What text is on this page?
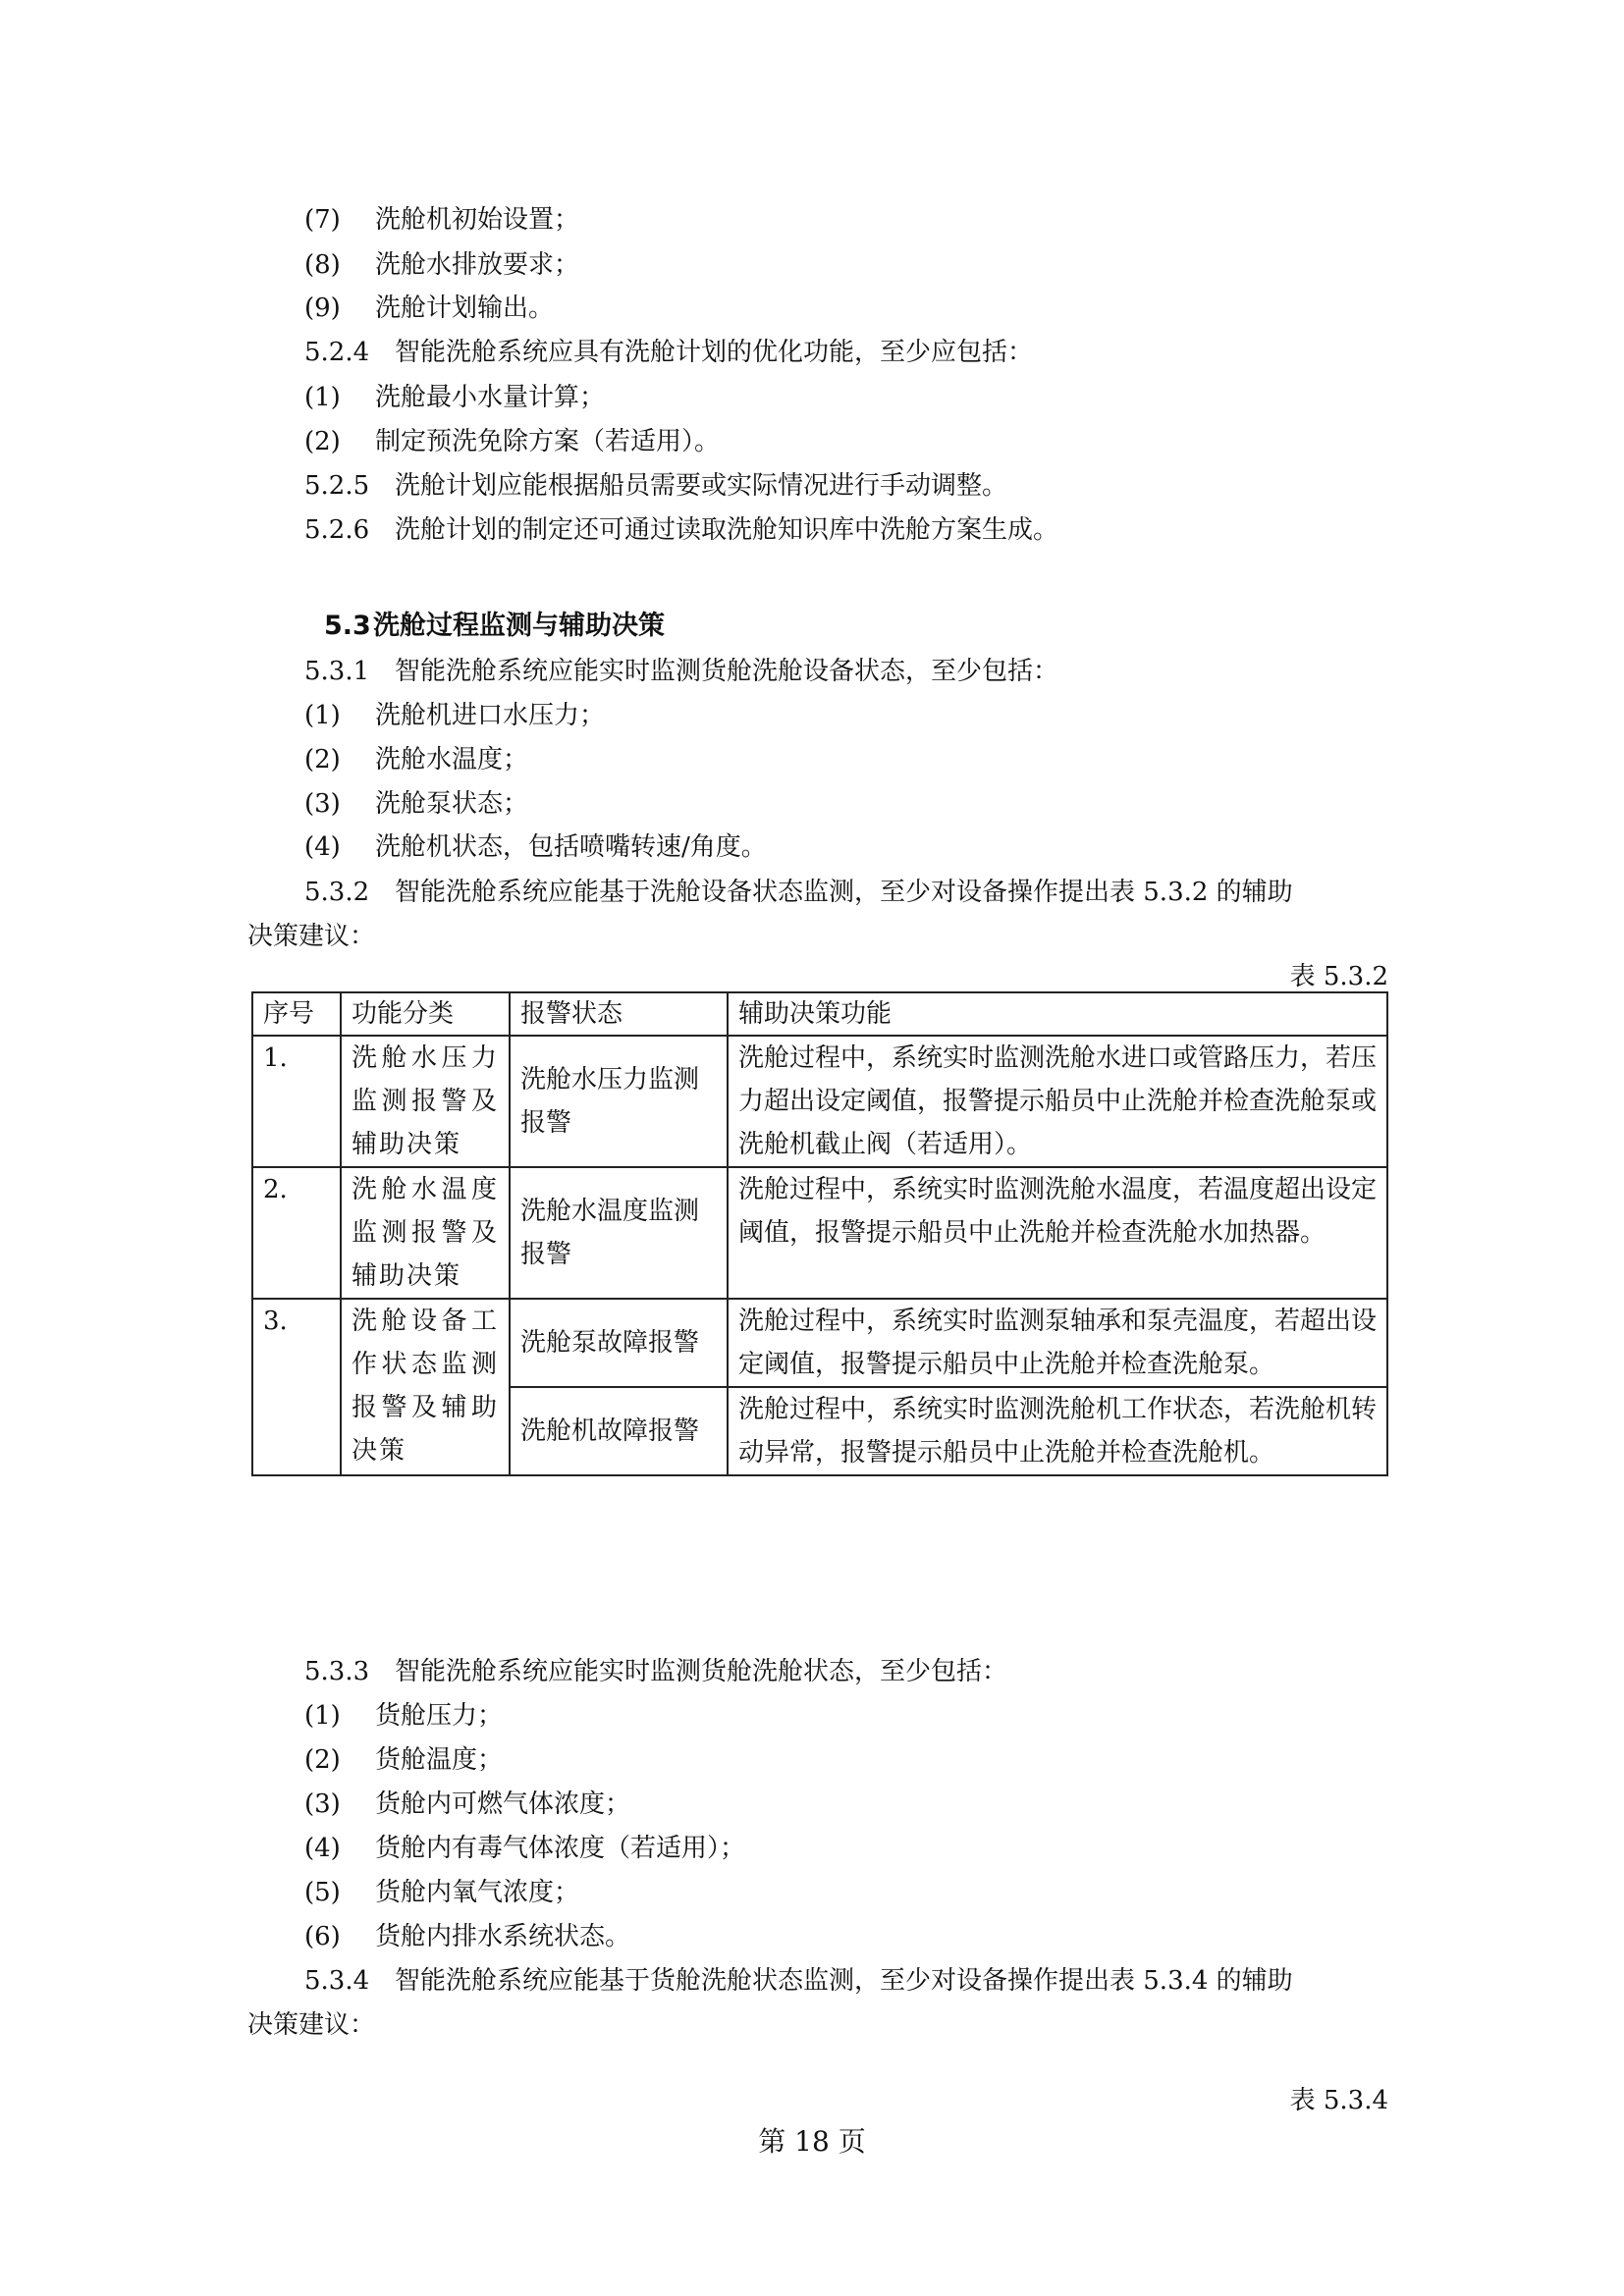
(7) 洗舱机初始设置；
(8) 洗舱水排放要求；
(9) 洗舱计划输出。
5.2.4 智能洗舱系统应具有洗舱计划的优化功能，至少应包括：
(1) 洗舱最小水量计算；
(2) 制定预洗免除方案（若适用）。
5.2.5 洗舱计划应能根据船员需要或实际情况进行手动调整。
5.2.6 洗舱计划的制定还可通过读取洗舱知识库中洗舱方案生成。
5.3洗舱过程监测与辅助决策
5.3.1 智能洗舱系统应能实时监测货舱洗舱设备状态，至少包括：
(1) 洗舱机进口水压力；
(2) 洗舱水温度；
(3) 洗舱泵状态；
(4) 洗舱机状态，包括喷嘴转速/角度。
5.3.2 智能洗舱系统应能基于洗舱设备状态监测，至少对设备操作提出表 5.3.2 的辅助
决策建议：
表 5.3.2
序号	功能分类	报警状态	辅助决策功能
1.	洗舱水压力监测报警及辅助决策	洗舱水压力监测报警	洗舱过程中，系统实时监测洗舱水进口或管路压力，若压力超出设定阈值，报警提示船员中止洗舱并检查洗舱泵或洗舱机截止阀（若适用）。
2.	洗舱水温度监测报警及辅助决策	洗舱水温度监测报警	洗舱过程中，系统实时监测洗舱水温度，若温度超出设定阈值，报警提示船员中止洗舱并检查洗舱水加热器。
3.	洗舱设备工作状态监测报警及辅助决策	洗舱泵故障报警	洗舱过程中，系统实时监测泵轴承和泵壳温度，若超出设定阈值，报警提示船员中止洗舱并检查洗舱泵。
		洗舱机故障报警	洗舱过程中，系统实时监测洗舱机工作状态，若洗舱机转动异常，报警提示船员中止洗舱并检查洗舱机。
5.3.3 智能洗舱系统应能实时监测货舱洗舱状态，至少包括：
(1) 货舱压力；
(2) 货舱温度；
(3) 货舱内可燃气体浓度；
(4) 货舱内有毒气体浓度（若适用）；
(5) 货舱内氧气浓度；
(6) 货舱内排水系统状态。
5.3.4 智能洗舱系统应能基于货舱洗舱状态监测，至少对设备操作提出表 5.3.4 的辅助
决策建议：
表 5.3.4
第 18 页
